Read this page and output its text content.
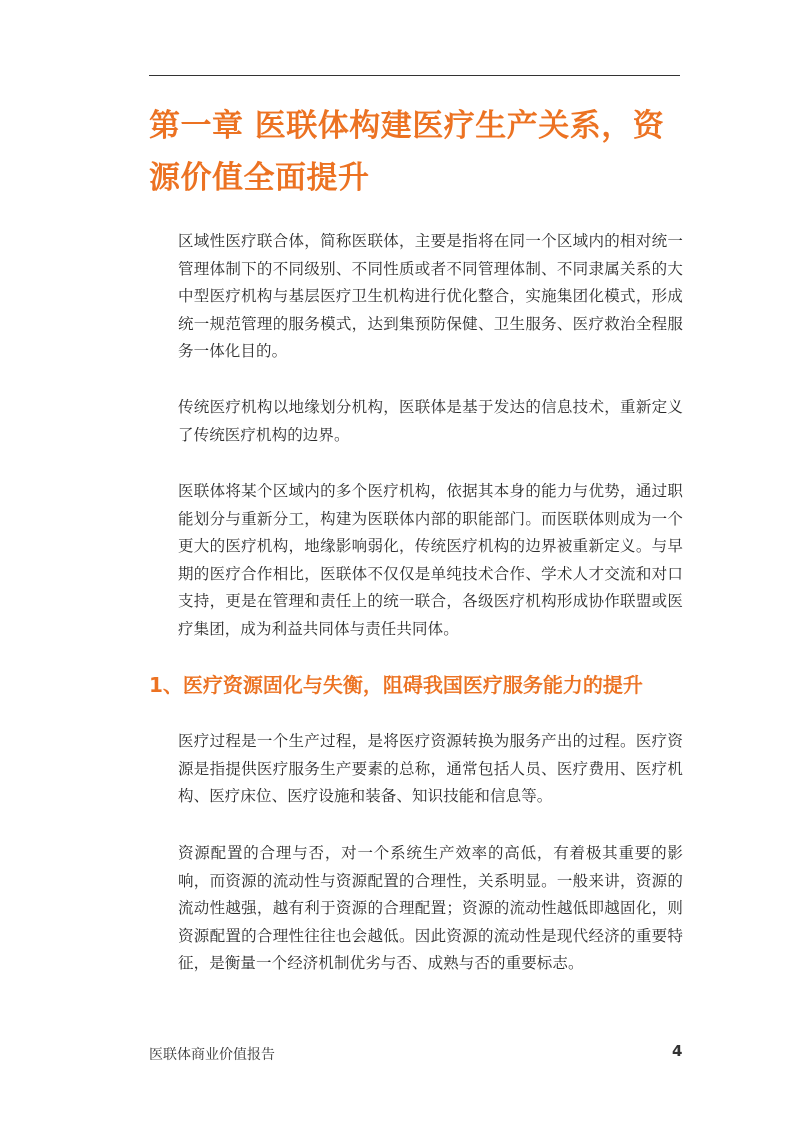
第一章 医联体构建医疗生产关系，资源价值全面提升

区域性医疗联合体，简称医联体，主要是指将在同一个区域内的相对统一管理体制下的不同级别、不同性质或者不同管理体制、不同隶属关系的大中型医疗机构与基层医疗卫生机构进行优化整合，实施集团化模式，形成统一规范管理的服务模式，达到集预防保健、卫生服务、医疗救治全程服务一体化目的。

传统医疗机构以地缘划分机构，医联体是基于发达的信息技术，重新定义了传统医疗机构的边界。

医联体将某个区域内的多个医疗机构，依据其本身的能力与优势，通过职能划分与重新分工，构建为医联体内部的职能部门。而医联体则成为一个更大的医疗机构，地缘影响弱化，传统医疗机构的边界被重新定义。与早期的医疗合作相比，医联体不仅仅是单纯技术合作、学术人才交流和对口支持，更是在管理和责任上的统一联合，各级医疗机构形成协作联盟或医疗集团，成为利益共同体与责任共同体。

1、医疗资源固化与失衡，阻碍我国医疗服务能力的提升

医疗过程是一个生产过程，是将医疗资源转换为服务产出的过程。医疗资源是指提供医疗服务生产要素的总称，通常包括人员、医疗费用、医疗机构、医疗床位、医疗设施和装备、知识技能和信息等。

资源配置的合理与否，对一个系统生产效率的高低，有着极其重要的影响，而资源的流动性与资源配置的合理性，关系明显。一般来讲，资源的流动性越强，越有利于资源的合理配置；资源的流动性越低即越固化，则资源配置的合理性往往也会越低。因此资源的流动性是现代经济的重要特征，是衡量一个经济机制优劣与否、成熟与否的重要标志。

医联体商业价值报告	4
